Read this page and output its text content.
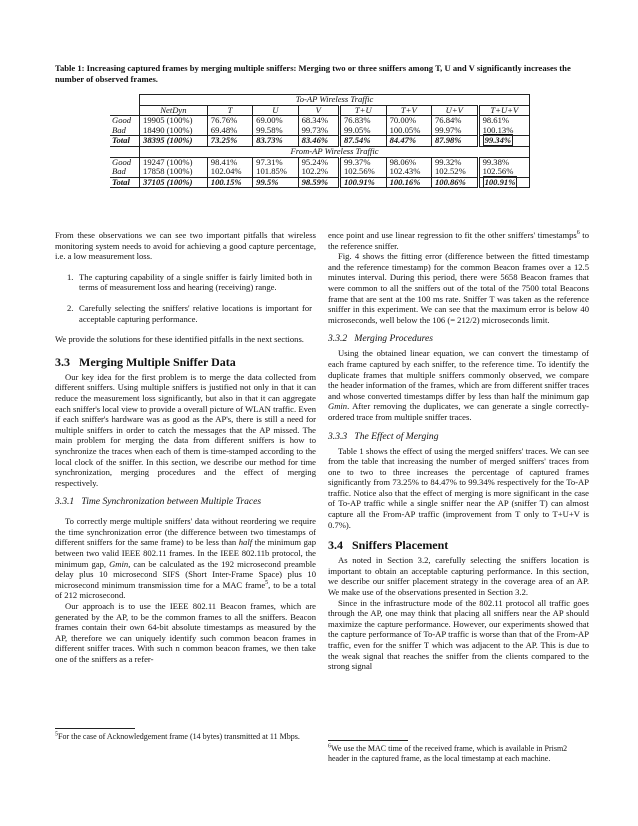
Table 1: Increasing captured frames by merging multiple sniffers: Merging two or three sniffers among T, U and V significantly increases the number of observed frames.
	To-AP Wireless Traffic							
	NetDyn	T	U	V	T+U	T+V	U+V	T+U+V
Good	19905 (100%)	76.76%	69.00%	68.34%	76.83%	70.00%	76.84%	98.61%
Bad	18490 (100%)	69.48%	99.58%	99.73%	99.05%	100.05%	99.97%	100.13%
Total	38395 (100%)	73.25%	83.73%	83.46%	87.54%	84.47%	87.98%	99.34%
	From-AP Wireless Traffic							
Good	19247 (100%)	98.41%	97.31%	95.24%	99.37%	98.06%	99.32%	99.38%
Bad	17858 (100%)	102.04%	101.85%	102.2%	102.56%	102.43%	102.52%	102.56%
Total	37105 (100%)	100.15%	99.5%	98.59%	100.91%	100.16%	100.86%	100.91%

From these observations we can see two important pitfalls that wireless monitoring system needs to avoid for achieving a good capture percentage, i.e. a low measurement loss.

1. The capturing capability of a single sniffer is fairly limited both in terms of measurement loss and hearing (receiving) range.
2. Carefully selecting the sniffers' relative locations is important for acceptable capturing performance.

We provide the solutions for these identified pitfalls in the next sections.

3.3 Merging Multiple Sniffer Data

Our key idea for the first problem is to merge the data collected from different sniffers. Using multiple sniffers is justified not only in that it can reduce the measurement loss significantly, but also in that it can aggregate each sniffer's local view to provide a overall picture of WLAN traffic. Even if each sniffer's hardware was as good as the AP's, there is still a need for multiple sniffers in order to catch the messages that the AP missed. The main problem for merging the data from different sniffers is how to synchronize the traces when each of them is time-stamped according to the local clock of the sniffer. In this section, we describe our method for time synchronization, merging procedures and the effect of merging respectively.

3.3.1 Time Synchronization between Multiple Traces

To correctly merge multiple sniffers' data without reordering we require the time synchronization error (the difference between two timestamps of different sniffers for the same frame) to be less than half the minimum gap between two valid IEEE 802.11 frames. In the IEEE 802.11b protocol, the minimum gap, Gmin, can be calculated as the 192 microsecond preamble delay plus 10 microsecond SIFS (Short Inter-Frame Space) plus 10 microsecond minimum transmission time for a MAC frame$^5$, to be a total of 212 microsecond.

Our approach is to use the IEEE 802.11 Beacon frames, which are generated by the AP, to be the common frames to all the sniffers. Beacon frames contain their own 64-bit absolute timestamps as measured by the AP, therefore we can uniquely identify such common beacon frames in different sniffer traces. With such n common beacon frames, we then take one of the sniffers as a refer-

$^5$For the case of Acknowledgement frame (14 bytes) transmitted at 11 Mbps.

ence point and use linear regression to fit the other sniffers' timestamps$^6$ to the reference sniffer.

Fig. 4 shows the fitting error (difference between the fitted timestamp and the reference timestamp) for the common Beacon frames over a 12.5 minutes interval. During this period, there were 5658 Beacon frames that were common to all the sniffers out of the total of the 7500 total Beacons frame that are sent at the 100 ms rate. Sniffer T was taken as the reference sniffer in this experiment. We can see that the maximum error is below 40 microseconds, well below the 106 (= 212/2) microseconds limit.

3.3.2 Merging Procedures

Using the obtained linear equation, we can convert the timestamp of each frame captured by each sniffer, to the reference time. To identify the duplicate frames that multiple sniffers commonly observed, we compare the header information of the frames, which are from different sniffer traces and whose converted timestamps differ by less than half the minimum gap Gmin. After removing the duplicates, we can generate a single correctly-ordered trace from multiple sniffer traces.

3.3.3 The Effect of Merging

Table 1 shows the effect of using the merged sniffers' traces. We can see from the table that increasing the number of merged sniffers' traces from one to two to three increases the percentage of captured frames significantly from 73.25% to 84.47% to 99.34% respectively for the To-AP traffic. Notice also that the effect of merging is more significant in the case of To-AP traffic while a single sniffer near the AP (sniffer T) can almost capture all the From-AP traffic (improvement from T only to T+U+V is 0.7%).

3.4 Sniffers Placement

As noted in Section 3.2, carefully selecting the sniffers location is important to obtain an acceptable capturing performance. In this section, we describe our sniffer placement strategy in the coverage area of an AP. We make use of the observations presented in Section 3.2.

Since in the infrastructure mode of the 802.11 protocol all traffic goes through the AP, one may think that placing all sniffers near the AP should maximize the capture performance. However, our experiments showed that the capture performance of To-AP traffic is worse than that of the From-AP traffic, even for the sniffer T which was adjacent to the AP. This is due to the weak signal that reaches the sniffer from the clients compared to the strong signal

$^6$We use the MAC time of the received frame, which is available in Prism2 header in the captured frame, as the local timestamp at each machine.
